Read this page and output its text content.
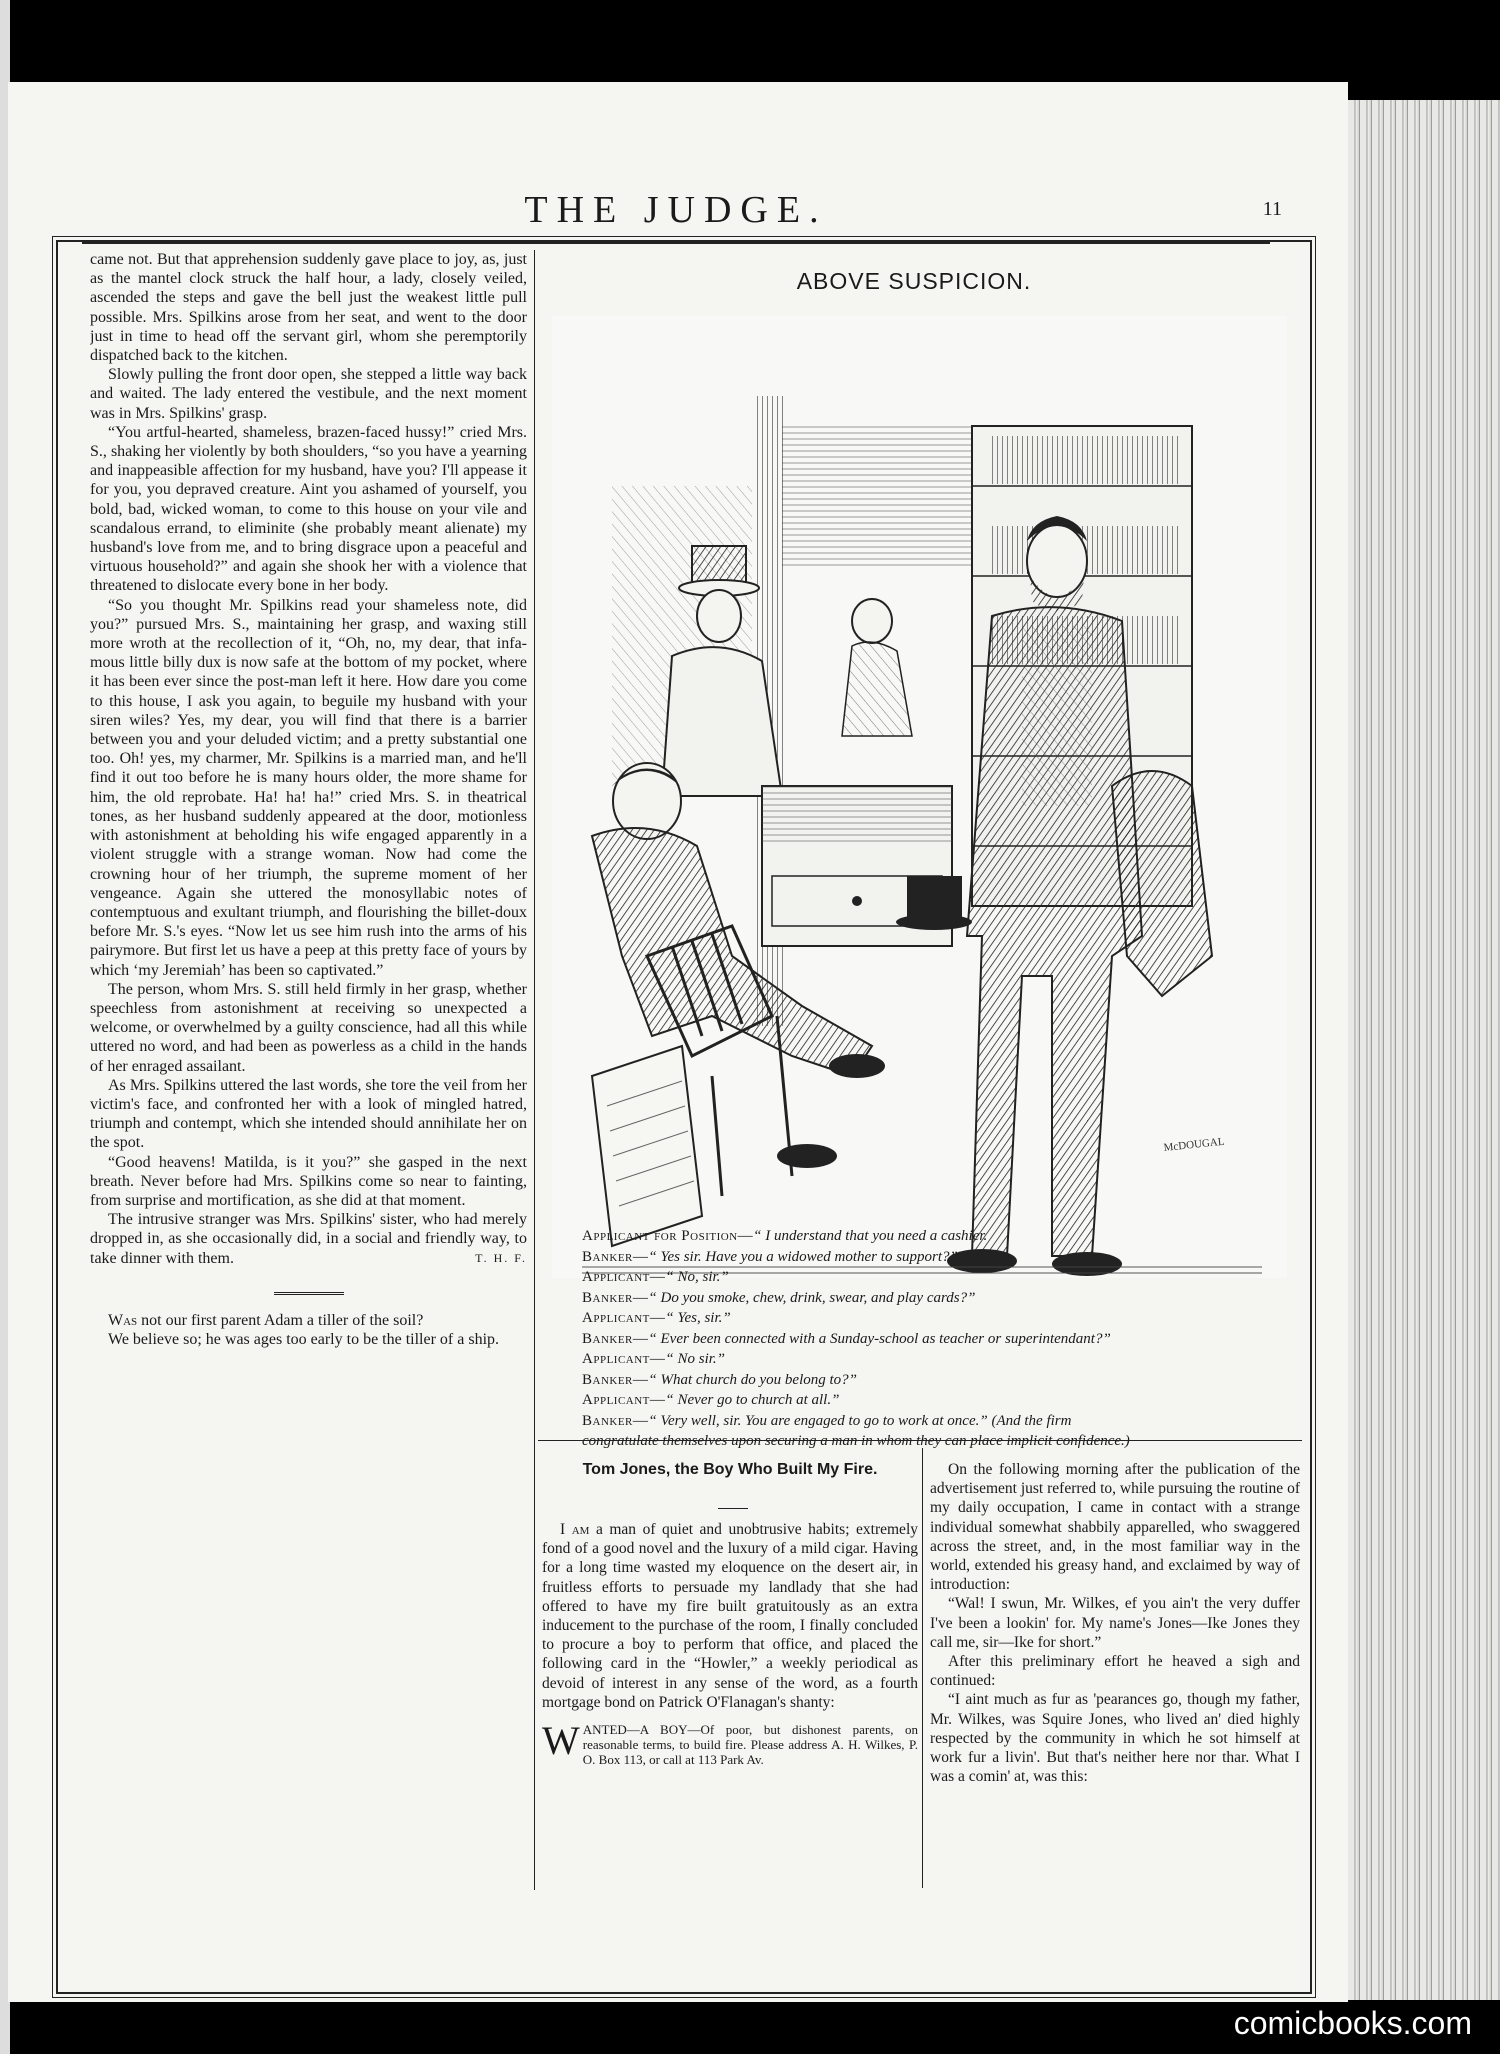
THE JUDGE.	11

came not. But that apprehension suddenly gave place to joy, as, just as the mantel clock struck the half hour, a lady, closely veiled, ascended the steps and gave the bell just the weakest little pull possible. Mrs. Spilkins arose from her seat, and went to the door just in time to head off the servant girl, whom she peremptorily dispatched back to the kitchen.

Slowly pulling the front door open, she stepped a little way back and waited. The lady entered the vestibule, and the next moment was in Mrs. Spilkins' grasp.

“You artful-hearted, shameless, brazen-faced hussy!” cried Mrs. S., shaking her violently by both shoulders, “so you have a yearning and inappeasible affection for my husband, have you? I'll appease it for you, you depraved creature. Aint you ashamed of yourself, you bold, bad, wicked woman, to come to this house on your vile and scandalous errand, to eliminite (she probably meant alienate) my husband's love from me, and to bring disgrace upon a peaceful and virtuous household?” and again she shook her with a violence that threatened to dislocate every bone in her body.

“So you thought Mr. Spilkins read your shameless note, did you?” pursued Mrs. S., maintaining her grasp, and waxing still more wroth at the recollection of it, “Oh, no, my dear, that infa-mous little billy dux is now safe at the bottom of my pocket, where it has been ever since the post-man left it here. How dare you come to this house, I ask you again, to beguile my husband with your siren wiles? Yes, my dear, you will find that there is a barrier between you and your deluded victim; and a pretty substantial one too. Oh! yes, my charmer, Mr. Spilkins is a married man, and he'll find it out too before he is many hours older, the more shame for him, the old reprobate. Ha! ha! ha!” cried Mrs. S. in theatrical tones, as her husband suddenly appeared at the door, motionless with astonishment at beholding his wife engaged apparently in a violent struggle with a strange woman. Now had come the crowning hour of her triumph, the supreme moment of her vengeance. Again she uttered the monosyllabic notes of contemptuous and exultant triumph, and flourishing the billet-doux before Mr. S.'s eyes. “Now let us see him rush into the arms of his pairymore. But first let us have a peep at this pretty face of yours by which ‘my Jeremiah’ has been so captivated.”

The person, whom Mrs. S. still held firmly in her grasp, whether speechless from astonishment at receiving so unexpected a welcome, or overwhelmed by a guilty conscience, had all this while uttered no word, and had been as powerless as a child in the hands of her enraged assailant.

As Mrs. Spilkins uttered the last words, she tore the veil from her victim's face, and confronted her with a look of mingled hatred, triumph and contempt, which she intended should annihilate her on the spot.

“Good heavens! Matilda, is it you?” she gasped in the next breath. Never before had Mrs. Spilkins come so near to fainting, from surprise and mortification, as she did at that moment.

The intrusive stranger was Mrs. Spilkins' sister, who had merely dropped in, as she occasionally did, in a social and friendly way, to take dinner with them.	T. H. F.

Was not our first parent Adam a tiller of the soil?

We believe so; he was ages too early to be the tiller of a ship.

ABOVE SUSPICION.
McDOUGAL
Applicant for Position—“ I understand that you need a cashier.
Banker—“ Yes sir. Have you a widowed mother to support?”
Applicant—“ No, sir.”
Banker—“ Do you smoke, chew, drink, swear, and play cards?”
Applicant—“ Yes, sir.”
Banker—“ Ever been connected with a Sunday-school as teacher or superintendant?”
Applicant—“ No sir.”
Banker—“ What church do you belong to?”
Applicant—“ Never go to church at all.”
Banker—“ Very well, sir. You are engaged to go to work at once.” (And the firm
congratulate themselves upon securing a man in whom they can place implicit confidence.)
Tom Jones, the Boy Who Built My Fire.

I am a man of quiet and unobtrusive habits; extremely fond of a good novel and the luxury of a mild cigar. Having for a long time wasted my eloquence on the desert air, in fruitless efforts to persuade my landlady that she had offered to have my fire built gratuitously as an extra inducement to the purchase of the room, I finally concluded to procure a boy to perform that office, and placed the following card in the “Howler,” a weekly periodical as devoid of interest in any sense of the word, as a fourth mortgage bond on Patrick O'Flanagan's shanty:

WANTED—A BOY—Of poor, but dishonest parents, on reasonable terms, to build fire. Please address A. H. Wilkes, P. O. Box 113, or call at 113 Park Av.

On the following morning after the publication of the advertisement just referred to, while pursuing the routine of my daily occupation, I came in contact with a strange individual somewhat shabbily apparelled, who swaggered across the street, and, in the most familiar way in the world, extended his greasy hand, and exclaimed by way of introduction:

“Wal! I swun, Mr. Wilkes, ef you ain't the very duffer I've been a lookin' for. My name's Jones—Ike Jones they call me, sir—Ike for short.”

After this preliminary effort he heaved a sigh and continued:

“I aint much as fur as 'pearances go, though my father, Mr. Wilkes, was Squire Jones, who lived an' died highly respected by the community in which he sot himself at work fur a livin'. But that's neither here nor thar. What I was a comin' at, was this:

comicbooks.com
